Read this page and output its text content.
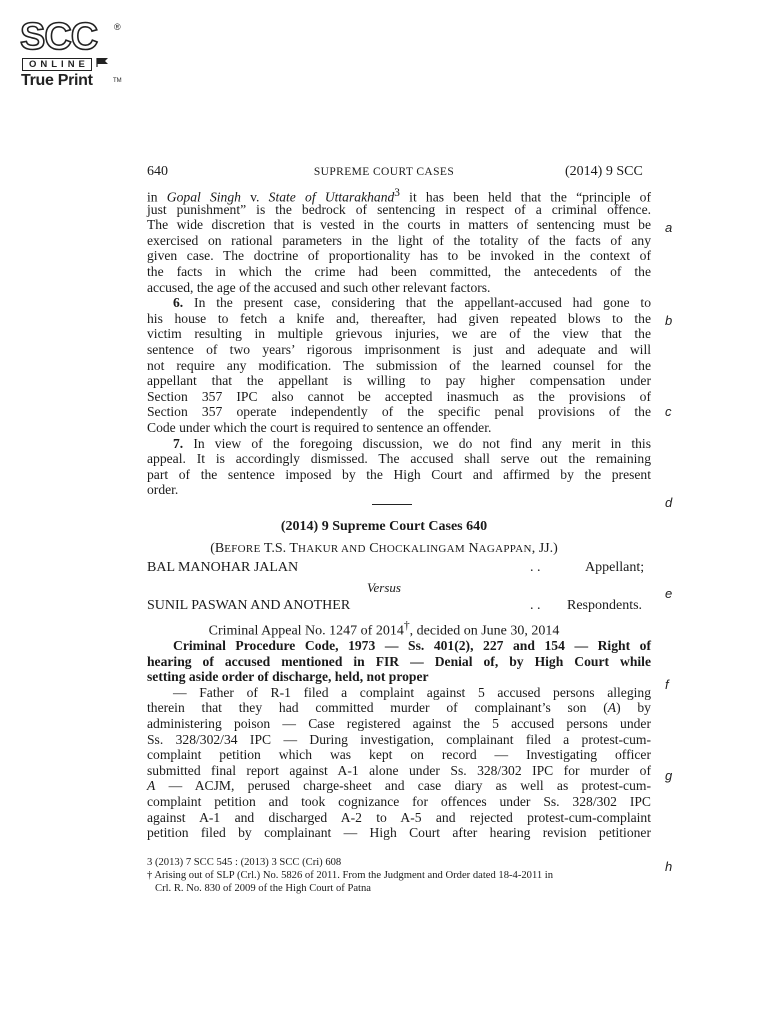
SCC ®
ONLINE
True Print	TM
640	SUPREME COURT CASES	(2014) 9 SCC
in Gopal Singh v. State of Uttarakhand$^3$ it has been held that the “principle of
just punishment” is the bedrock of sentencing in respect of a criminal offence.
The wide discretion that is vested in the courts in matters of sentencing must be
exercised on rational parameters in the light of the totality of the facts of any
given case. The doctrine of proportionality has to be invoked in the context of
the facts in which the crime had been committed, the antecedents of the
accused, the age of the accused and such other relevant factors.
6. In the present case, considering that the appellant-accused had gone to
his house to fetch a knife and, thereafter, had given repeated blows to the
victim resulting in multiple grievous injuries, we are of the view that the
sentence of two years’ rigorous imprisonment is just and adequate and will
not require any modification. The submission of the learned counsel for the
appellant that the appellant is willing to pay higher compensation under
Section 357 IPC also cannot be accepted inasmuch as the provisions of
Section 357 operate independently of the specific penal provisions of the
Code under which the court is required to sentence an offender.
7. In view of the foregoing discussion, we do not find any merit in this
appeal. It is accordingly dismissed. The accused shall serve out the remaining
part of the sentence imposed by the High Court and affirmed by the present
order.
a
b
c
d
e
f
g
h
(2014) 9 Supreme Court Cases 640
(BEFORE T.S. THAKUR AND CHOCKALINGAM NAGAPPAN, JJ.)
BAL MANOHAR JALAN	. .	Appellant;
Versus
SUNIL PASWAN AND ANOTHER	. . Respondents.
Criminal Appeal No. 1247 of 2014†, decided on June 30, 2014
Criminal Procedure Code, 1973 — Ss. 401(2), 227 and 154 — Right of
hearing of accused mentioned in FIR — Denial of, by High Court while
setting aside order of discharge, held, not proper
— Father of R-1 filed a complaint against 5 accused persons alleging
therein that they had committed murder of complainant’s son (A) by
administering poison — Case registered against the 5 accused persons under
Ss. 328/302/34 IPC — During investigation, complainant filed a protest-cum-
complaint petition which was kept on record — Investigating officer
submitted final report against A-1 alone under Ss. 328/302 IPC for murder of
A — ACJM, perused charge-sheet and case diary as well as protest-cum-
complaint petition and took cognizance for offences under Ss. 328/302 IPC
against A-1 and discharged A-2 to A-5 and rejected protest-cum-complaint
petition filed by complainant — High Court after hearing revision petitioner
3 (2013) 7 SCC 545 : (2013) 3 SCC (Cri) 608
† Arising out of SLP (Crl.) No. 5826 of 2011. From the Judgment and Order dated 18-4-2011 in
Crl. R. No. 830 of 2009 of the High Court of Patna
